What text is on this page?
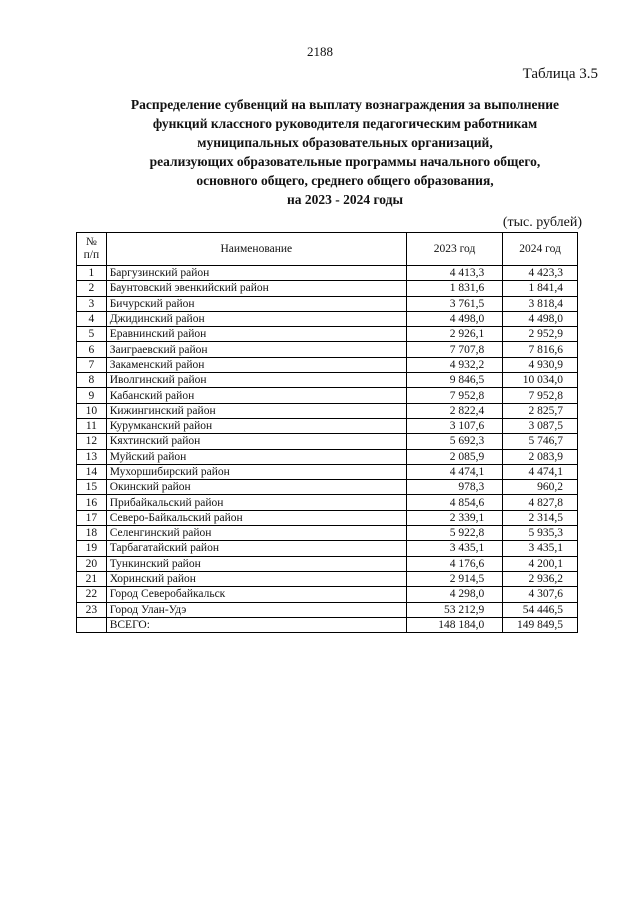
2188
Таблица 3.5
Распределение субвенций на выплату вознаграждения за выполнение
функций классного руководителя педагогическим работникам
муниципальных образовательных организаций,
реализующих образовательные программы начального общего,
основного общего, среднего общего образования,
на 2023 - 2024 годы
(тыс. рублей)
№ п/п	Наименование	2023 год	2024 год
1	Баргузинский район	4 413,3	4 423,3
2	Баунтовский эвенкийский район	1 831,6	1 841,4
3	Бичурский район	3 761,5	3 818,4
4	Джидинский район	4 498,0	4 498,0
5	Еравнинский район	2 926,1	2 952,9
6	Заиграевский район	7 707,8	7 816,6
7	Закаменский район	4 932,2	4 930,9
8	Иволгинский район	9 846,5	10 034,0
9	Кабанский район	7 952,8	7 952,8
10	Кижингинский район	2 822,4	2 825,7
11	Курумканский район	3 107,6	3 087,5
12	Кяхтинский район	5 692,3	5 746,7
13	Муйский район	2 085,9	2 083,9
14	Мухоршибирский район	4 474,1	4 474,1
15	Окинский район	978,3	960,2
16	Прибайкальский район	4 854,6	4 827,8
17	Северо-Байкальский район	2 339,1	2 314,5
18	Селенгинский район	5 922,8	5 935,3
19	Тарбагатайский район	3 435,1	3 435,1
20	Тункинский район	4 176,6	4 200,1
21	Хоринский район	2 914,5	2 936,2
22	Город Северобайкальск	4 298,0	4 307,6
23	Город Улан-Удэ	53 212,9	54 446,5
	ВСЕГО:	148 184,0	149 849,5
